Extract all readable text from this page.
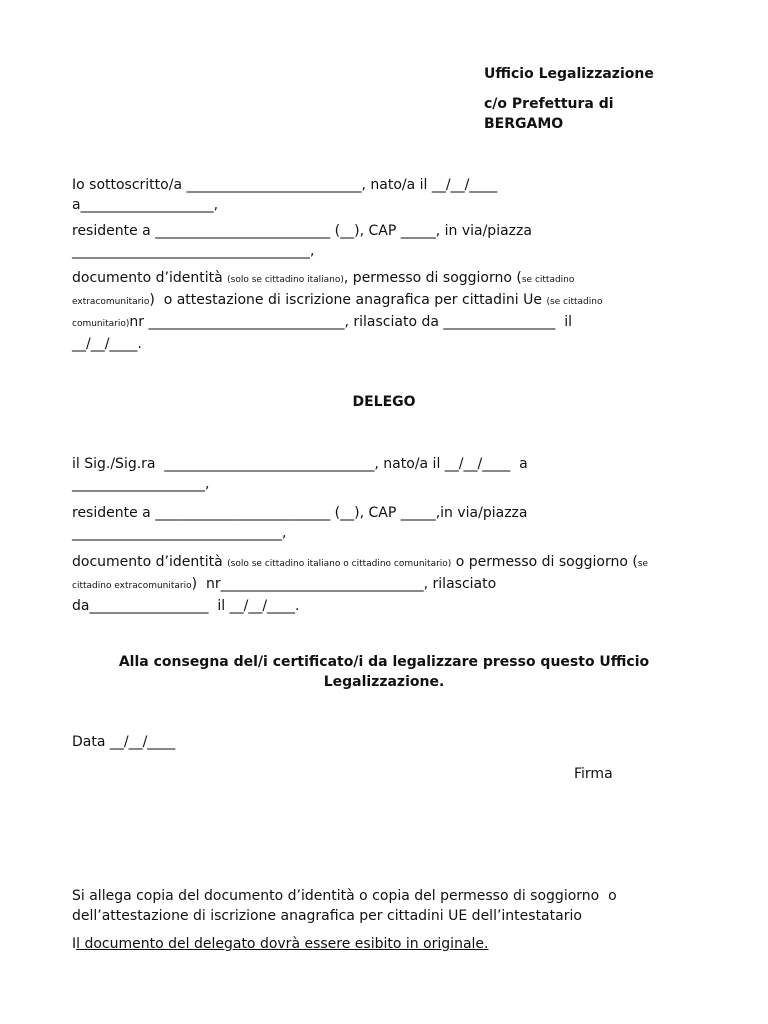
Ufficio Legalizzazione
c/o Prefettura di
BERGAMO
Io sottoscritto/a _________________________, nato/a il __/__/____
a___________________,
residente a _________________________ (__), CAP _____, in via/piazza
__________________________________,
documento d’identità (solo se cittadino italiano), permesso di soggiorno (se cittadino
extracomunitario)  o attestazione di iscrizione anagrafica per cittadini Ue (se cittadino
comunitario)nr ____________________________, rilasciato da ________________  il
__/__/____.
DELEGO
il Sig./Sig.ra  ______________________________, nato/a il __/__/____  a
___________________,
residente a _________________________ (__), CAP _____,in via/piazza
______________________________,
documento d’identità (solo se cittadino italiano o cittadino comunitario) o permesso di soggiorno (se
cittadino extracomunitario)  nr_____________________________, rilasciato
da_________________  il __/__/____.
Alla consegna del/i certificato/i da legalizzare presso questo Ufficio
Legalizzazione.
Data __/__/____
Firma
Si allega copia del documento d’identità o copia del permesso di soggiorno  o
dell’attestazione di iscrizione anagrafica per cittadini UE dell’intestatario
Il documento del delegato dovrà essere esibito in originale.
